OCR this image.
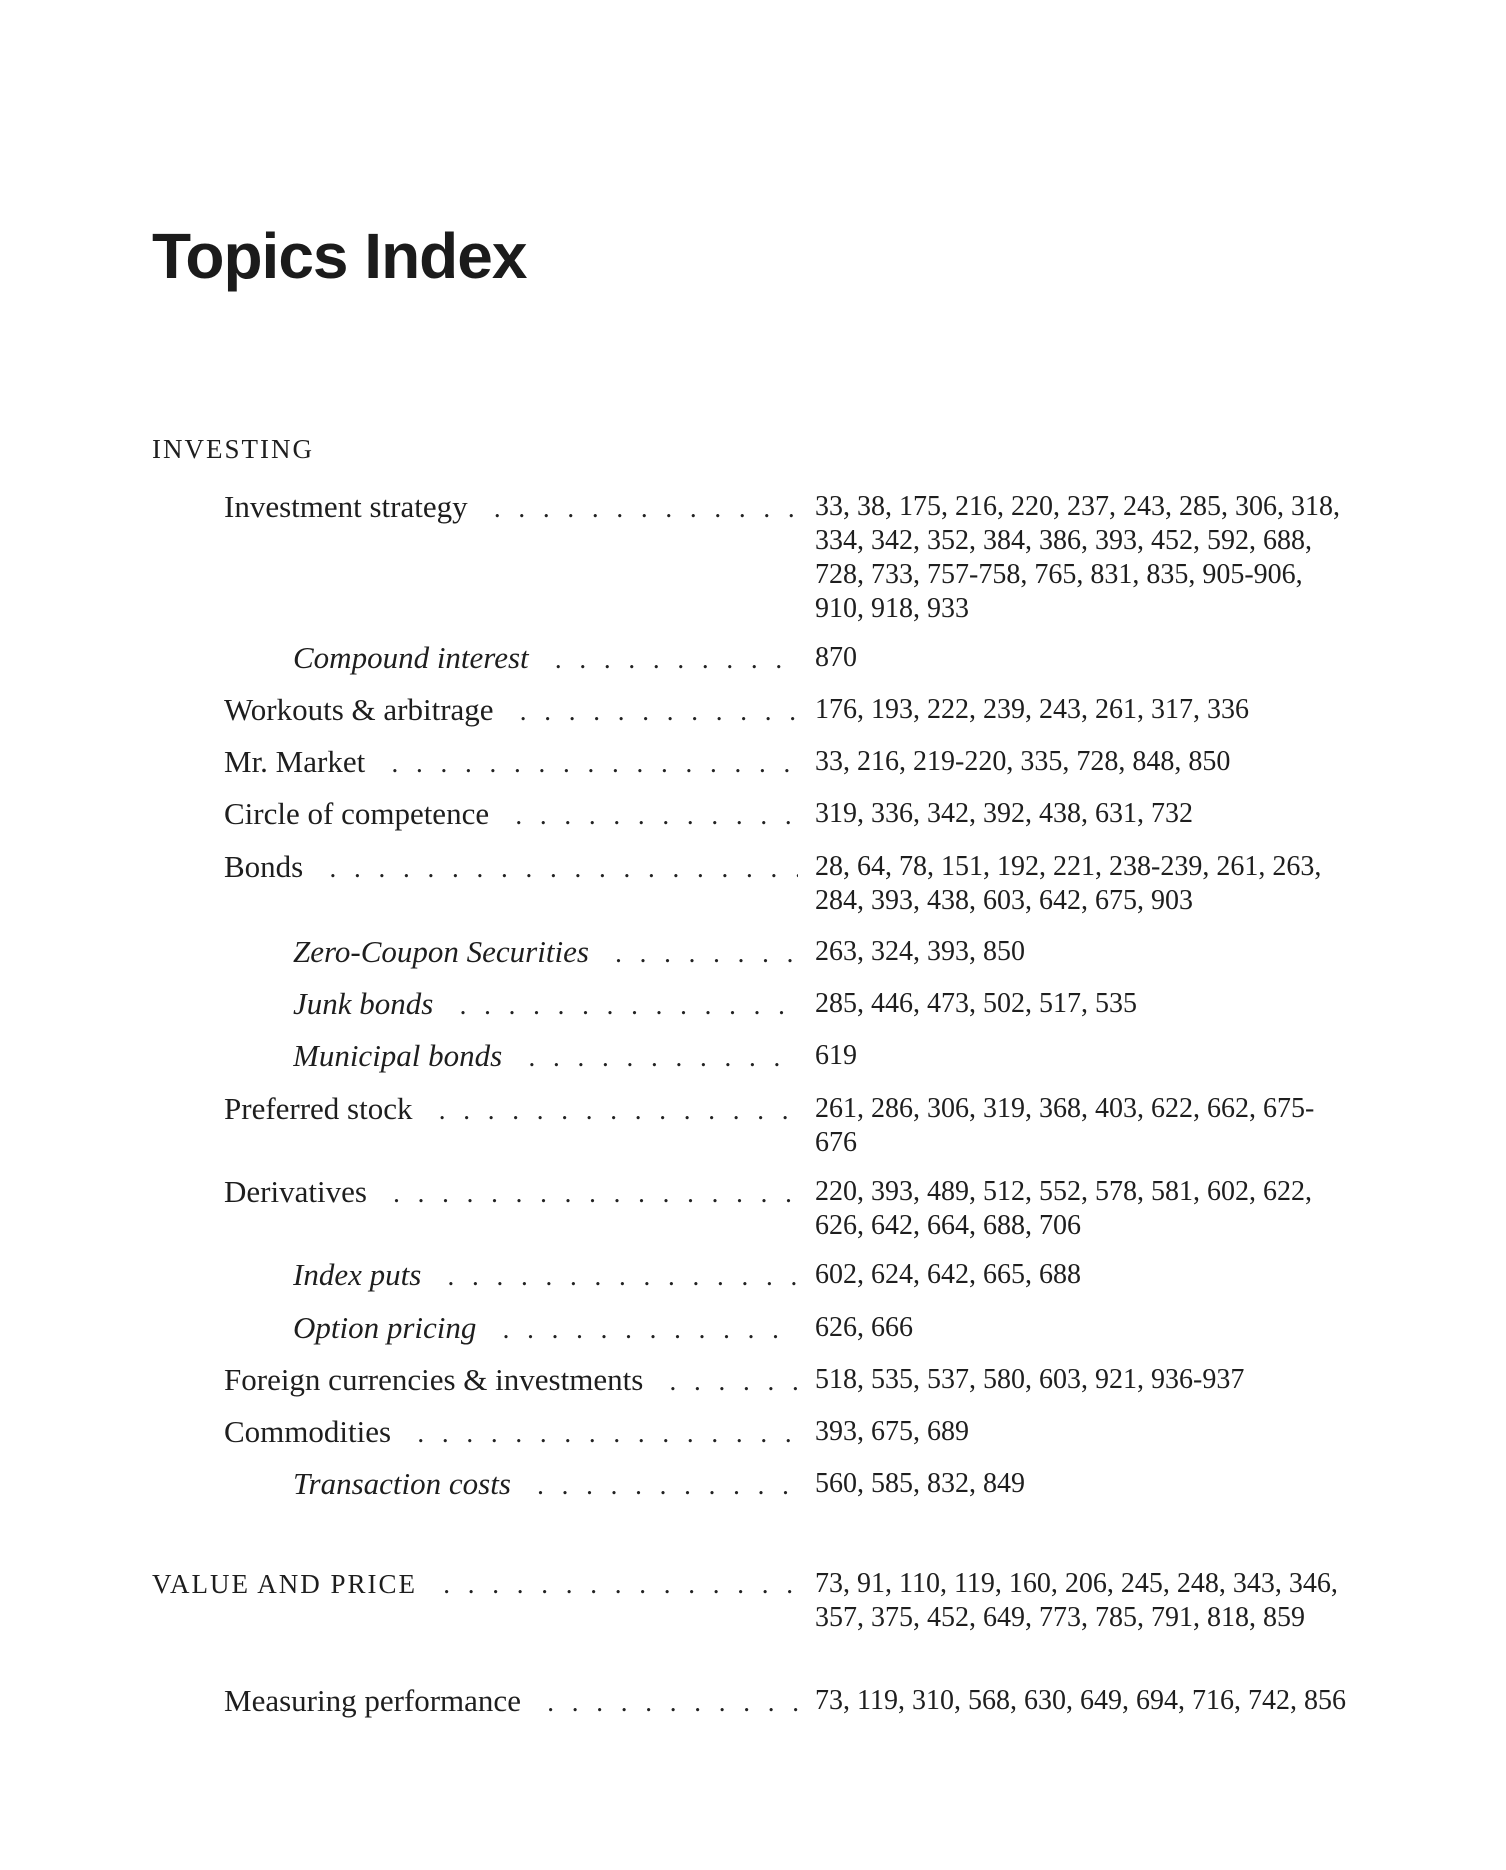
Topics Index
INVESTING
Investment strategy . . .	33, 38, 175, 216, 220, 237, 243, 285, 306, 318, 334, 342, 352, 384, 386, 393, 452, 592, 688, 728, 733, 757-758, 765, 831, 835, 905-906, 910, 918, 933
Compound interest . . .	870
Workouts & arbitrage . . .	176, 193, 222, 239, 243, 261, 317, 336
Mr. Market . . .	33, 216, 219-220, 335, 728, 848, 850
Circle of competence . . .	319, 336, 342, 392, 438, 631, 732
Bonds . . .	28, 64, 78, 151, 192, 221, 238-239, 261, 263, 284, 393, 438, 603, 642, 675, 903
Zero-Coupon Securities . . .	263, 324, 393, 850
Junk bonds . . .	285, 446, 473, 502, 517, 535
Municipal bonds . . .	619
Preferred stock . . .	261, 286, 306, 319, 368, 403, 622, 662, 675-676
Derivatives . . .	220, 393, 489, 512, 552, 578, 581, 602, 622, 626, 642, 664, 688, 706
Index puts . . .	602, 624, 642, 665, 688
Option pricing . . .	626, 666
Foreign currencies & investments . . .	518, 535, 537, 580, 603, 921, 936-937
Commodities . . .	393, 675, 689
Transaction costs . . .	560, 585, 832, 849
VALUE AND PRICE . . .	73, 91, 110, 119, 160, 206, 245, 248, 343, 346, 357, 375, 452, 649, 773, 785, 791, 818, 859
Measuring performance . . .	73, 119, 310, 568, 630, 649, 694, 716, 742, 856
